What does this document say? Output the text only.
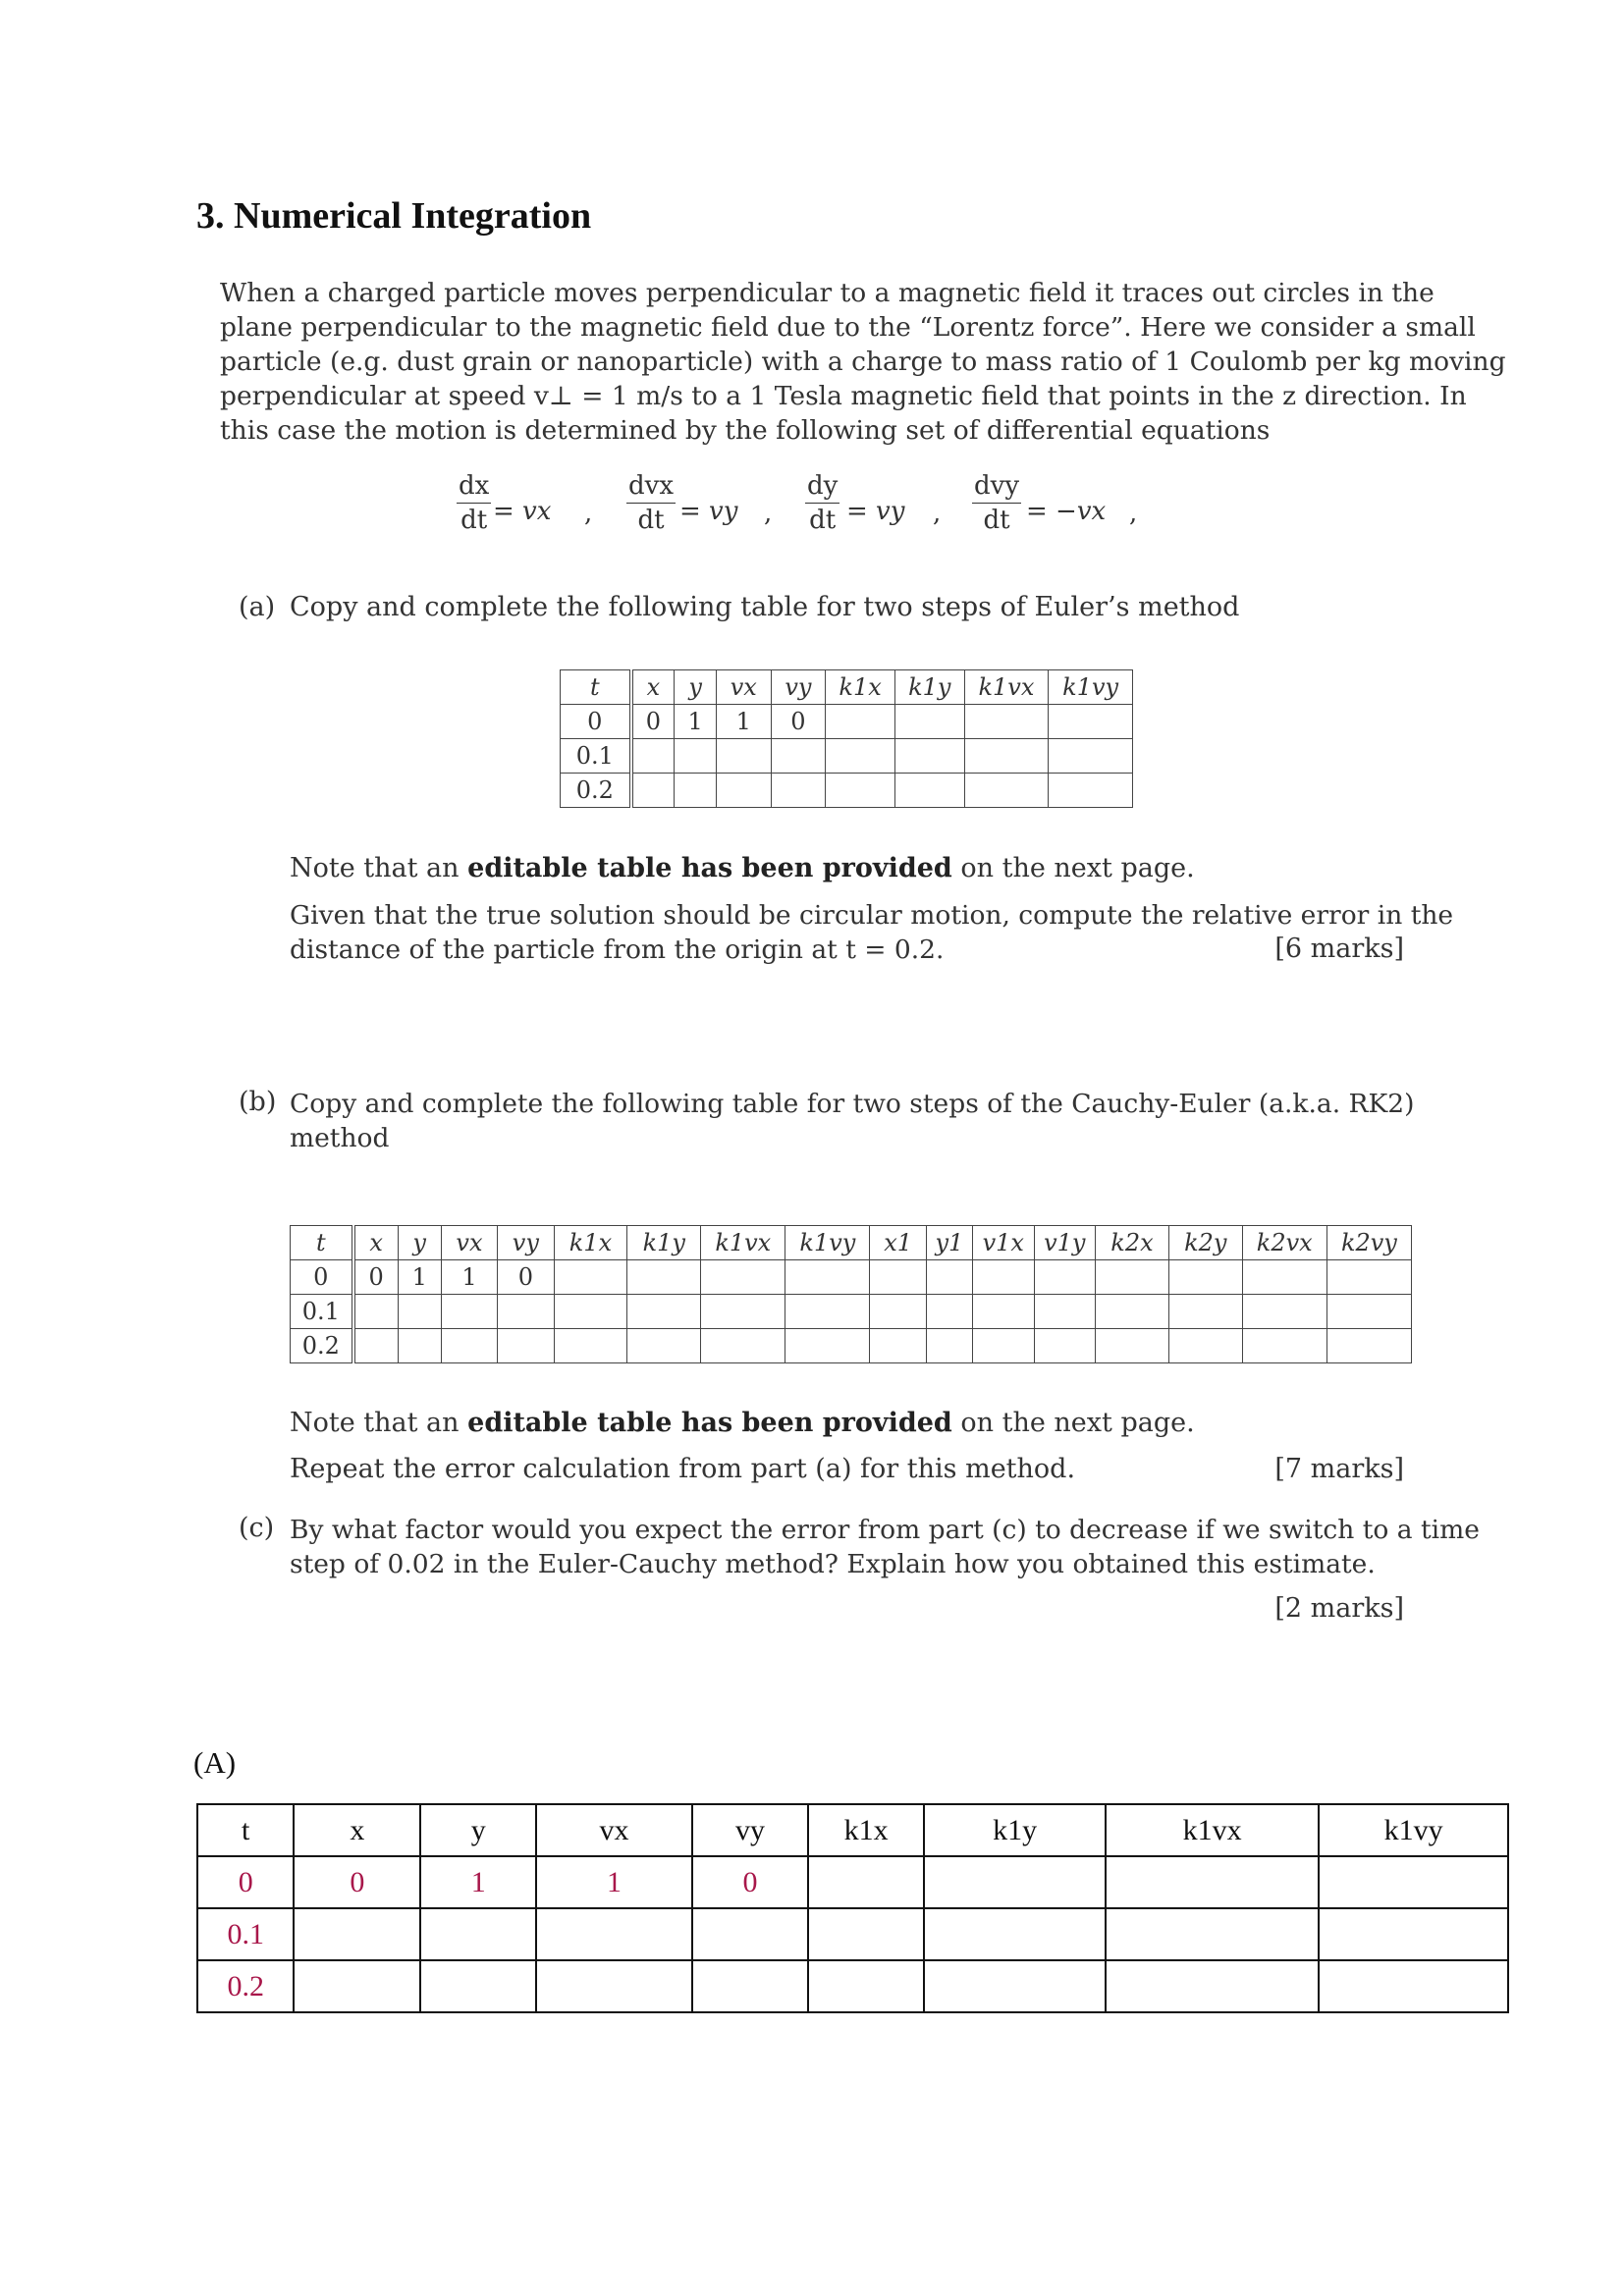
3. Numerical Integration
When a charged particle moves perpendicular to a magnetic field it traces out circles in the
plane perpendicular to the magnetic field due to the “Lorentz force”. Here we consider a small
particle (e.g. dust grain or nanoparticle) with a charge to mass ratio of 1 Coulomb per kg moving
perpendicular at speed v⊥ = 1 m/s to a 1 Tesla magnetic field that points in the z direction. In
this case the motion is determined by the following set of differential equations
$\frac{dx}{dt}$ = vx ,
dvx
dt = vy , $\frac{dy}{dt}$ = vy ,
dvy
dt = −vx ,
(a) Copy and complete the following table for two steps of Euler’s method
t	x	y	vx	vy	k1x	k1y	k1vx	k1vy
0	0	1	1	0				
0.1								
0.2								
Note that an editable table has been provided on the next page.
Given that the true solution should be circular motion, compute the relative error in the
distance of the particle from the origin at t = 0.2.	[6 marks]
(b) Copy and complete the following table for two steps of the Cauchy-Euler (a.k.a. RK2)
method
t	x	y	vx	vy	k1x	k1y	k1vx	k1vy	x1	y1	v1x	v1y	k2x	k2y	k2vx	k2vy
0	0	1	1	0												
0.1																
0.2																
Note that an editable table has been provided on the next page.
Repeat the error calculation from part (a) for this method.	[7 marks]
(c) By what factor would you expect the error from part (c) to decrease if we switch to a time
step of 0.02 in the Euler-Cauchy method? Explain how you obtained this estimate.
[2 marks]
(A)
t	x	y	vx	vy	k1x	k1y	k1vx	k1vy
0	0	1	1	0				
0.1								
0.2								
